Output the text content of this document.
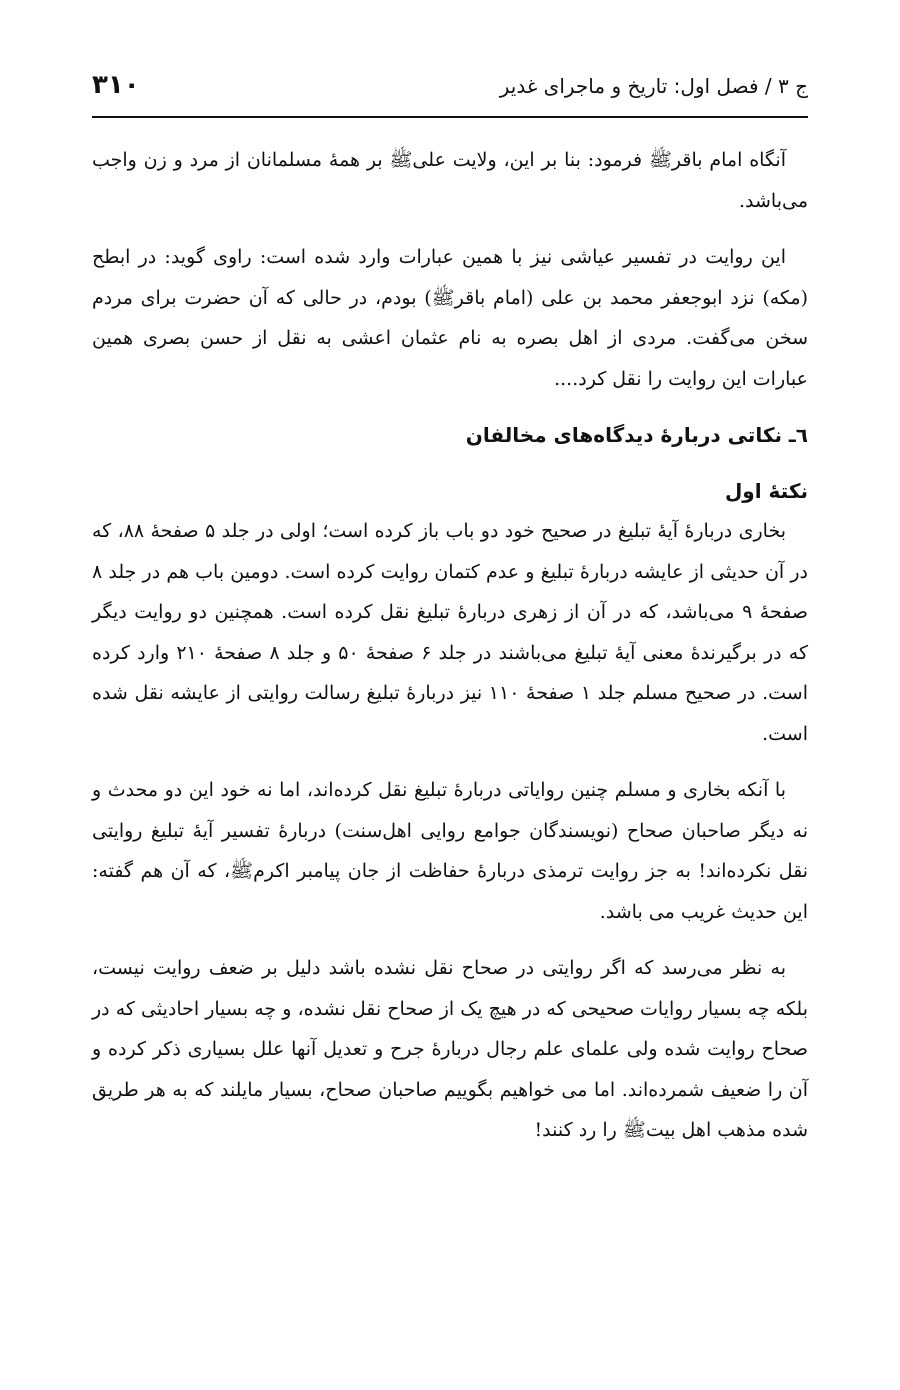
۳۱۰	ج ۳ / فصل اول: تاریخ و ماجرای غدیر

آنگاه امام باقر‌ﷺ فرمود: بنا بر این، ولایت علی‌ﷺ بر همهٔ مسلمانان از مرد و زن واجب می‌باشد.

این روایت در تفسیر عیاشی نیز با همین عبارات وارد شده است: راوی گوید: در ابطح (مکه) نزد ابوجعفر محمد بن علی (امام باقر‌ﷺ) بودم، در حالی که آن حضرت برای مردم سخن می‌گفت. مردی از اهل بصره به نام عثمان اعشی به نقل از حسن بصری همین عبارات این روایت را نقل کرد....

٦ـ نکاتی دربارهٔ دیدگاه‌های مخالفان
نکتهٔ اول

بخاری دربارهٔ آیهٔ تبلیغ در صحیح خود دو باب باز کرده است؛ اولی در جلد ۵ صفحهٔ ۸۸، که در آن حدیثی از عایشه دربارهٔ تبلیغ و عدم کتمان روایت کرده است. دومین باب هم در جلد ۸ صفحهٔ ۹ می‌باشد، که در آن از زهری دربارهٔ تبلیغ نقل کرده است. همچنین دو روایت دیگر که در برگیرندهٔ معنی آیهٔ تبلیغ می‌باشند در جلد ۶ صفحهٔ ۵۰ و جلد ۸ صفحهٔ ۲۱۰ وارد کرده است. در صحیح مسلم جلد ۱ صفحهٔ ۱۱۰ نیز دربارهٔ تبلیغ رسالت روایتی از عایشه نقل شده است.

با آنکه بخاری و مسلم چنین روایاتی دربارهٔ تبلیغ نقل کرده‌اند، اما نه خود این دو محدث و نه دیگر صاحبان صحاح (نویسندگان جوامع روایی اهل‌سنت) دربارهٔ تفسیر آیهٔ تبلیغ روایتی نقل نکرده‌اند! به جز روایت ترمذی دربارهٔ حفاظت از جان پیامبر اکرمﷺ، که آن هم گفته: این حدیث غریب می باشد.

به نظر می‌رسد که اگر روایتی در صحاح نقل نشده باشد دلیل بر ضعف روایت نیست، بلکه چه بسیار روایات صحیحی که در هیچ یک از صحاح نقل نشده، و چه بسیار احادیثی که در صحاح روایت شده ولی علمای علم رجال دربارهٔ جرح و تعدیل آنها علل بسیاری ذکر کرده و آن را ضعیف شمرده‌اند. اما می خواهیم بگوییم صاحبان صحاح، بسیار مایلند که به هر طریق شده مذهب اهل بیت‌ﷺ را رد کنند!
